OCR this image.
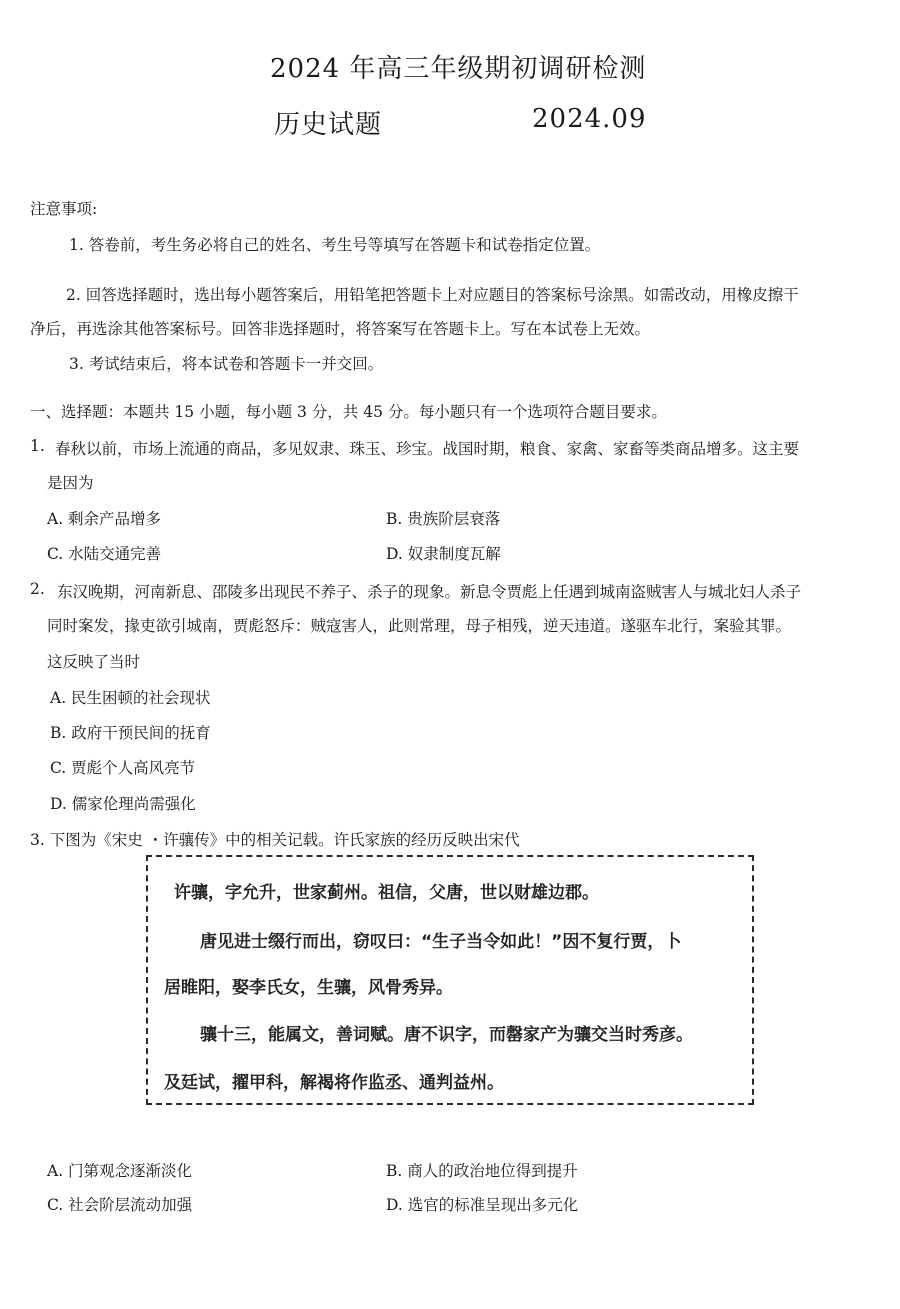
2024 年高三年级期初调研检测
历史试题	2024.09
注意事项:
1. 答卷前，考生务必将自己的姓名、考生号等填写在答题卡和试卷指定位置。
2. 回答选择题时，选出每小题答案后，用铅笔把答题卡上对应题目的答案标号涂黑。如需改动，用橡皮擦干
净后，再选涂其他答案标号。回答非选择题时，将答案写在答题卡上。写在本试卷上无效。
3. 考试结束后，将本试卷和答题卡一并交回。
一、选择题：本题共 15 小题，每小题 3 分，共 45 分。每小题只有一个选项符合题目要求。
1. 春秋以前，市场上流通的商品，多见奴隶、珠玉、珍宝。战国时期，粮食、家禽、家畜等类商品增多。这主要
是因为
A. 剩余产品增多	B. 贵族阶层衰落
C. 水陆交通完善	D. 奴隶制度瓦解
2. 东汉晚期，河南新息、邵陵多出现民不养子、杀子的现象。新息令贾彪上任遇到城南盗贼害人与城北妇人杀子
同时案发，掾吏欲引城南，贾彪怒斥：贼寇害人，此则常理，母子相残，逆天违道。遂驱车北行，案验其罪。
这反映了当时
A. 民生困顿的社会现状
B. 政府干预民间的抚育
C. 贾彪个人高风亮节
D. 儒家伦理尚需强化
3. 下图为《宋史 ・许骧传》中的相关记载。许氏家族的经历反映出宋代
许骧，字允升，世家蓟州。祖信，父唐，世以财雄边郡。
唐见进士缀行而出，窃叹曰：“生子当令如此！”因不复行贾，卜
居睢阳，娶李氏女，生骧，风骨秀异。
骧十三，能属文，善词赋。唐不识字，而罄家产为骧交当时秀彦。
及廷试，擢甲科，解褐将作监丞、通判益州。
A. 门第观念逐渐淡化	B. 商人的政治地位得到提升
C. 社会阶层流动加强	D. 选官的标准呈现出多元化
